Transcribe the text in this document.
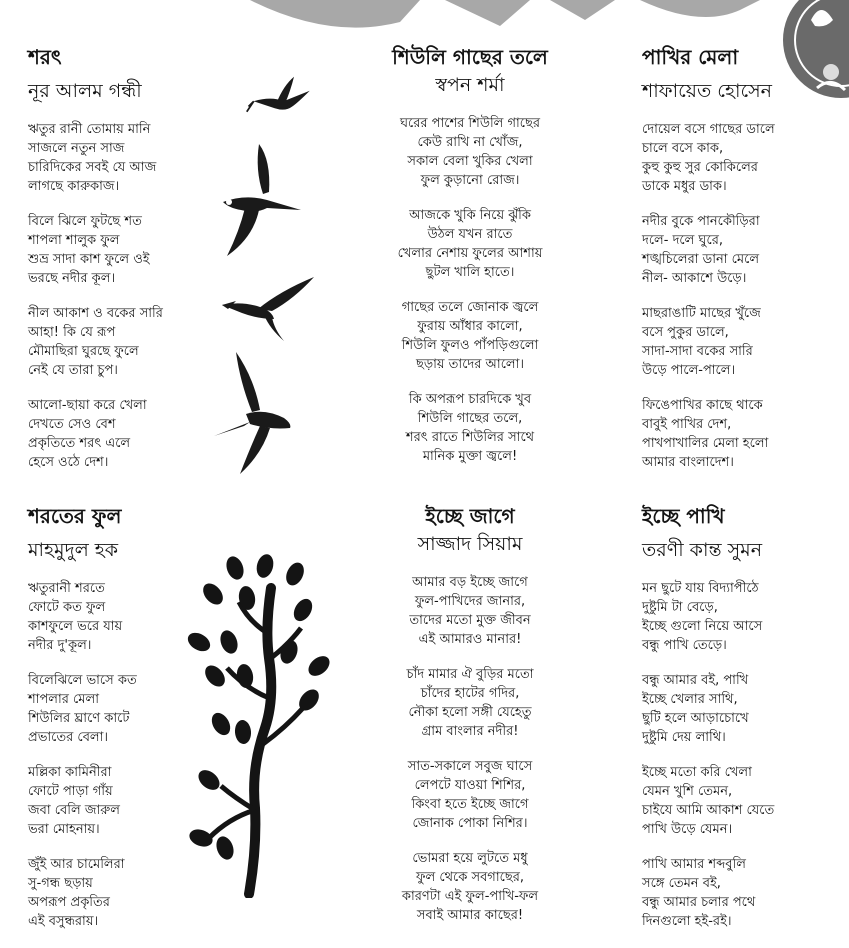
শরৎ
নূর আলম গন্ধী
ঋতুর রানী তোমায় মানি
সাজলে নতুন সাজ
চারিদিকের সবই যে আজ
লাগছে কারুকাজ।
বিলে ঝিলে ফুটছে শত
শাপলা শালুক ফুল
শুভ্র সাদা কাশ ফুলে ওই
ভরছে নদীর কূল।
নীল আকাশ ও বকের সারি
আহা! কি যে রূপ
মৌমাছিরা ঘুরছে ফুলে
নেই যে তারা চুপ।
আলো-ছায়া করে খেলা
দেখতে সেও বেশ
প্রকৃতিতে শরৎ এলে
হেসে ওঠে দেশ।
শিউলি গাছের তলে
স্বপন শর্মা
ঘরের পাশের শিউলি গাছের
কেউ রাখি না খোঁজ,
সকাল বেলা খুকির খেলা
ফুল কুড়ানো রোজ।
আজকে খুকি নিয়ে ঝুঁকি
উঠল যখন রাতে
খেলার নেশায় ফুলের আশায়
ছুটল খালি হাতে।
গাছের তলে জোনাক জ্বলে
ফুরায় আঁধার কালো,
শিউলি ফুলও পাঁপড়িগুলো
ছড়ায় তাদের আলো।
কি অপরূপ চারদিকে খুব
শিউলি গাছের তলে,
শরৎ রাতে শিউলির সাথে
মানিক মুক্তা জ্বলে!
পাখির মেলা
শাফায়েত হোসেন
দোয়েল বসে গাছের ডালে
চালে বসে কাক,
কুহু কুহু সুর কোকিলের
ডাকে মধুর ডাক।
নদীর বুকে পানকৌড়িরা
দলে- দলে ঘুরে,
শঙ্খচিলেরা ডানা মেলে
নীল- আকাশে উড়ে।
মাছরাঙাটি মাছের খুঁজে
বসে পুকুর ডালে,
সাদা-সাদা বকের সারি
উড়ে পালে-পালে।
ফিঙেপাখির কাছে থাকে
বাবুই পাখির দেশ,
পাখপাখালির মেলা হলো
আমার বাংলাদেশ।
শরতের ফুল
মাহমুদুল হক
ঋতুরানী শরতে
ফোটে কত ফুল
কাশফুলে ভরে যায়
নদীর দু'কূল।
বিলেঝিলে ভাসে কত
শাপলার মেলা
শিউলির ঘ্রাণে কাটে
প্রভাতের বেলা।
মল্লিকা কামিনীরা
ফোটে পাড়া গাঁয়
জবা বেলি জারুল
ভরা মোহনায়।
জুঁই আর চামেলিরা
সু-গন্ধ ছড়ায়
অপরূপ প্রকৃতির
এই বসুন্ধরায়।
ইচ্ছে জাগে
সাজ্জাদ সিয়াম
আমার বড় ইচ্ছে জাগে
ফুল-পাখিদের জানার,
তাদের মতো মুক্ত জীবন
এই আমারও মানার!
চাঁদ মামার ঐ বুড়ির মতো
চাঁদের হাটের গদির,
নৌকা হলো সঙ্গী যেহেতু
গ্রাম বাংলার নদীর!
সাত-সকালে সবুজ ঘাসে
লেপটে যাওয়া শিশির,
কিংবা হতে ইচ্ছে জাগে
জোনাক পোকা নিশির।
ভোমরা হয়ে লুটতে মধু
ফুল থেকে সবগাছের,
কারণটা এই ফুল-পাখি-ফল
সবাই আমার কাছের!
ইচ্ছে পাখি
তরণী কান্ত সুমন
মন ছুটে যায় বিদ্যাপীঠে
দুষ্টুমি টা বেড়ে,
ইচ্ছে গুলো নিয়ে আসে
বন্ধু পাখি তেড়ে।
বন্ধু আমার বই, পাখি
ইচ্ছে খেলার সাথি,
ছুটি হলে আড়াচোখে
দুষ্টুমি দেয় লাথি।
ইচ্ছে মতো করি খেলা
যেমন খুশি তেমন,
চাইযে আমি আকাশ যেতে
পাখি উড়ে যেমন।
পাখি আমার শব্দবুলি
সঙ্গে তেমন বই,
বন্ধু আমার চলার পথে
দিনগুলো হই-রই।
